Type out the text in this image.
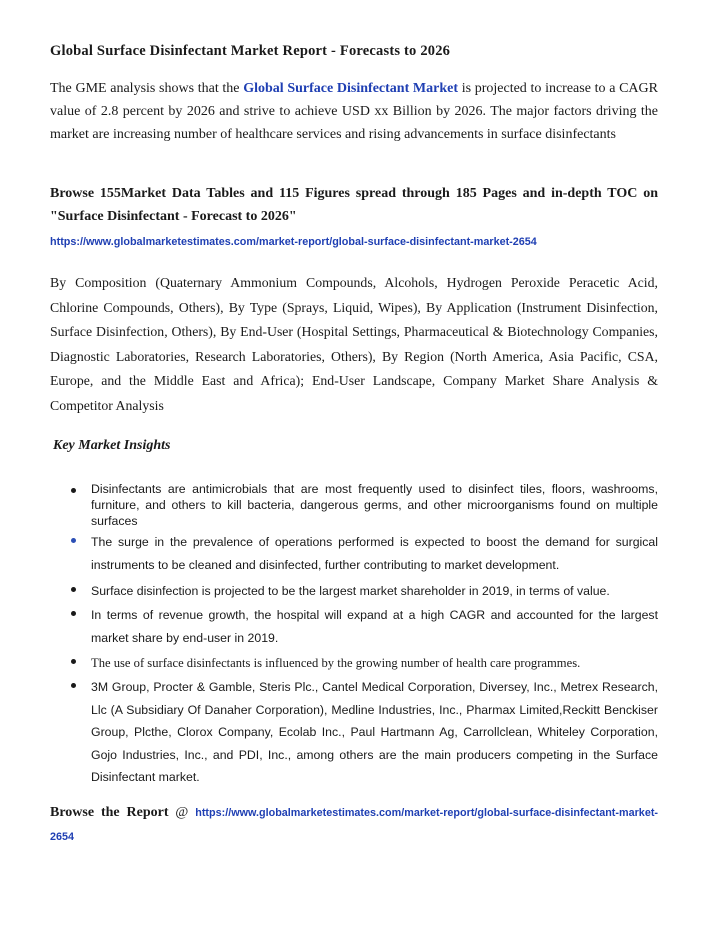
Global Surface Disinfectant Market Report - Forecasts to 2026

The GME analysis shows that the Global Surface Disinfectant Market is projected to increase to a CAGR value of 2.8 percent by 2026 and strive to achieve USD xx Billion by 2026. The major factors driving the market are increasing number of healthcare services and rising advancements in surface disinfectants

Browse 155Market Data Tables and 115 Figures spread through 185 Pages and in-depth TOC on "Surface Disinfectant - Forecast to 2026"

https://www.globalmarketestimates.com/market-report/global-surface-disinfectant-market-2654

By Composition (Quaternary Ammonium Compounds, Alcohols, Hydrogen Peroxide Peracetic Acid, Chlorine Compounds, Others), By Type (Sprays, Liquid, Wipes), By Application (Instrument Disinfection, Surface Disinfection, Others), By End-User (Hospital Settings, Pharmaceutical & Biotechnology Companies, Diagnostic Laboratories, Research Laboratories, Others), By Region (North America, Asia Pacific, CSA, Europe, and the Middle East and Africa); End-User Landscape, Company Market Share Analysis & Competitor Analysis

Key Market Insights
Disinfectants are antimicrobials that are most frequently used to disinfect tiles, floors, washrooms, furniture, and others to kill bacteria, dangerous germs, and other microorganisms found on multiple surfaces
The surge in the prevalence of operations performed is expected to boost the demand for surgical instruments to be cleaned and disinfected, further contributing to market development.
Surface disinfection is projected to be the largest market shareholder in 2019, in terms of value.
In terms of revenue growth, the hospital will expand at a high CAGR and accounted for the largest market share by end-user in 2019.
The use of surface disinfectants is influenced by the growing number of health care programmes.
3M Group, Procter & Gamble, Steris Plc., Cantel Medical Corporation, Diversey, Inc., Metrex Research, Llc (A Subsidiary Of Danaher Corporation), Medline Industries, Inc., Pharmax Limited,Reckitt Benckiser Group, Plcthe, Clorox Company, Ecolab Inc., Paul Hartmann Ag, Carrollclean, Whiteley Corporation, Gojo Industries, Inc., and PDI, Inc., among others are the main producers competing in the Surface Disinfectant market.

Browse the Report @ https://www.globalmarketestimates.com/market-report/global-surface-disinfectant-market-2654
